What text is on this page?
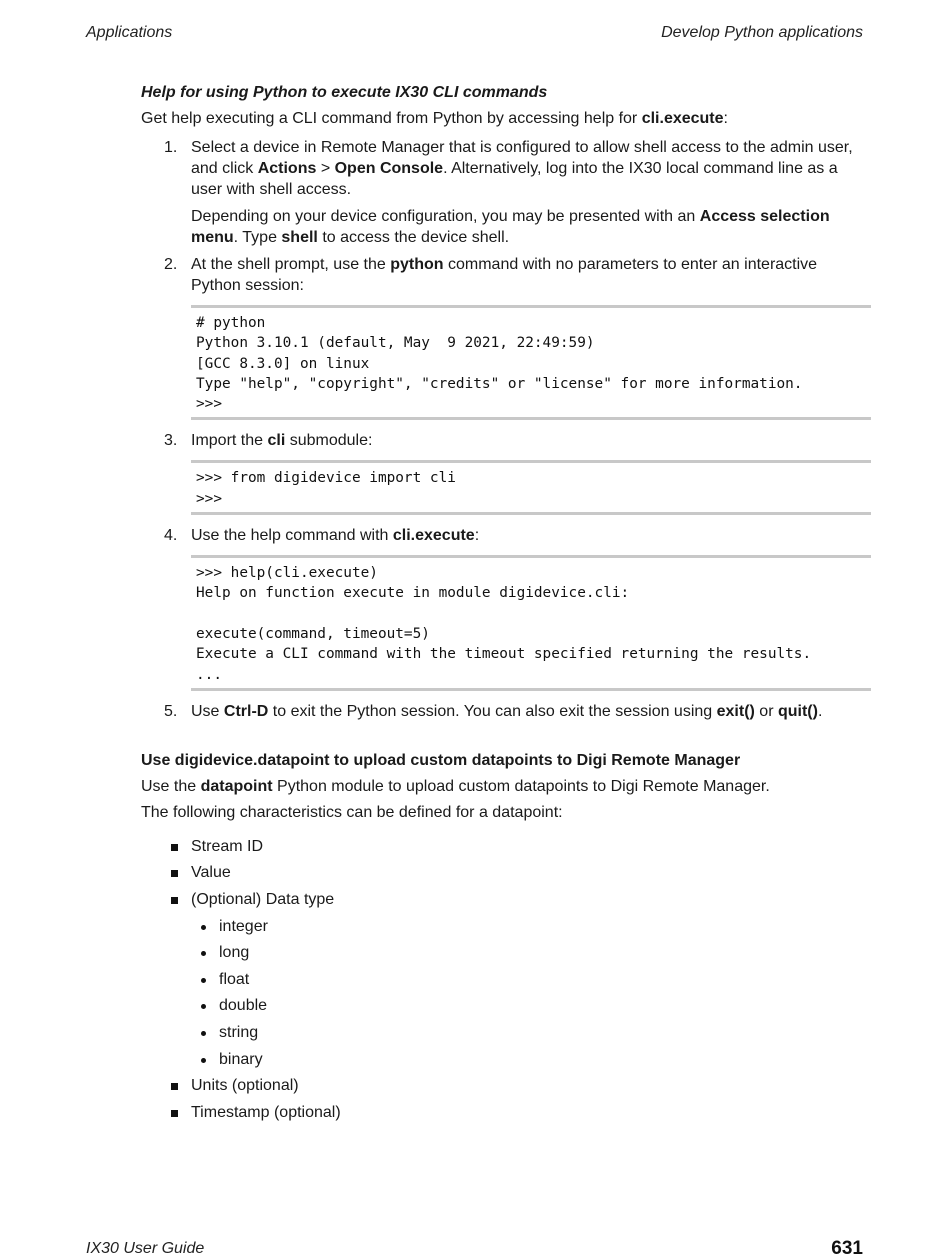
Applications	Develop Python applications
Help for using Python to execute IX30 CLI commands

Get help executing a CLI command from Python by accessing help for cli.execute:

1. Select a device in Remote Manager that is configured to allow shell access to the admin user, and click Actions > Open Console. Alternatively, log into the IX30 local command line as a user with shell access.

Depending on your device configuration, you may be presented with an Access selection menu. Type shell to access the device shell.

2. At the shell prompt, use the python command with no parameters to enter an interactive Python session:

# python
Python 3.10.1 (default, May  9 2021, 22:49:59)
[GCC 8.3.0] on linux
Type "help", "copyright", "credits" or "license" for more information.
>>>
3. Import the cli submodule:

>>> from digidevice import cli
>>>
4. Use the help command with cli.execute:

>>> help(cli.execute)
Help on function execute in module digidevice.cli:

execute(command, timeout=5)
Execute a CLI command with the timeout specified returning the results.
...
5. Use Ctrl-D to exit the Python session. You can also exit the session using exit() or quit().

Use digidevice.datapoint to upload custom datapoints to Digi Remote Manager

Use the datapoint Python module to upload custom datapoints to Digi Remote Manager.

The following characteristics can be defined for a datapoint:

Stream ID
Value
(Optional) Data type
integer
long
float
double
string
binary
Units (optional)
Timestamp (optional)
IX30 User Guide	631
